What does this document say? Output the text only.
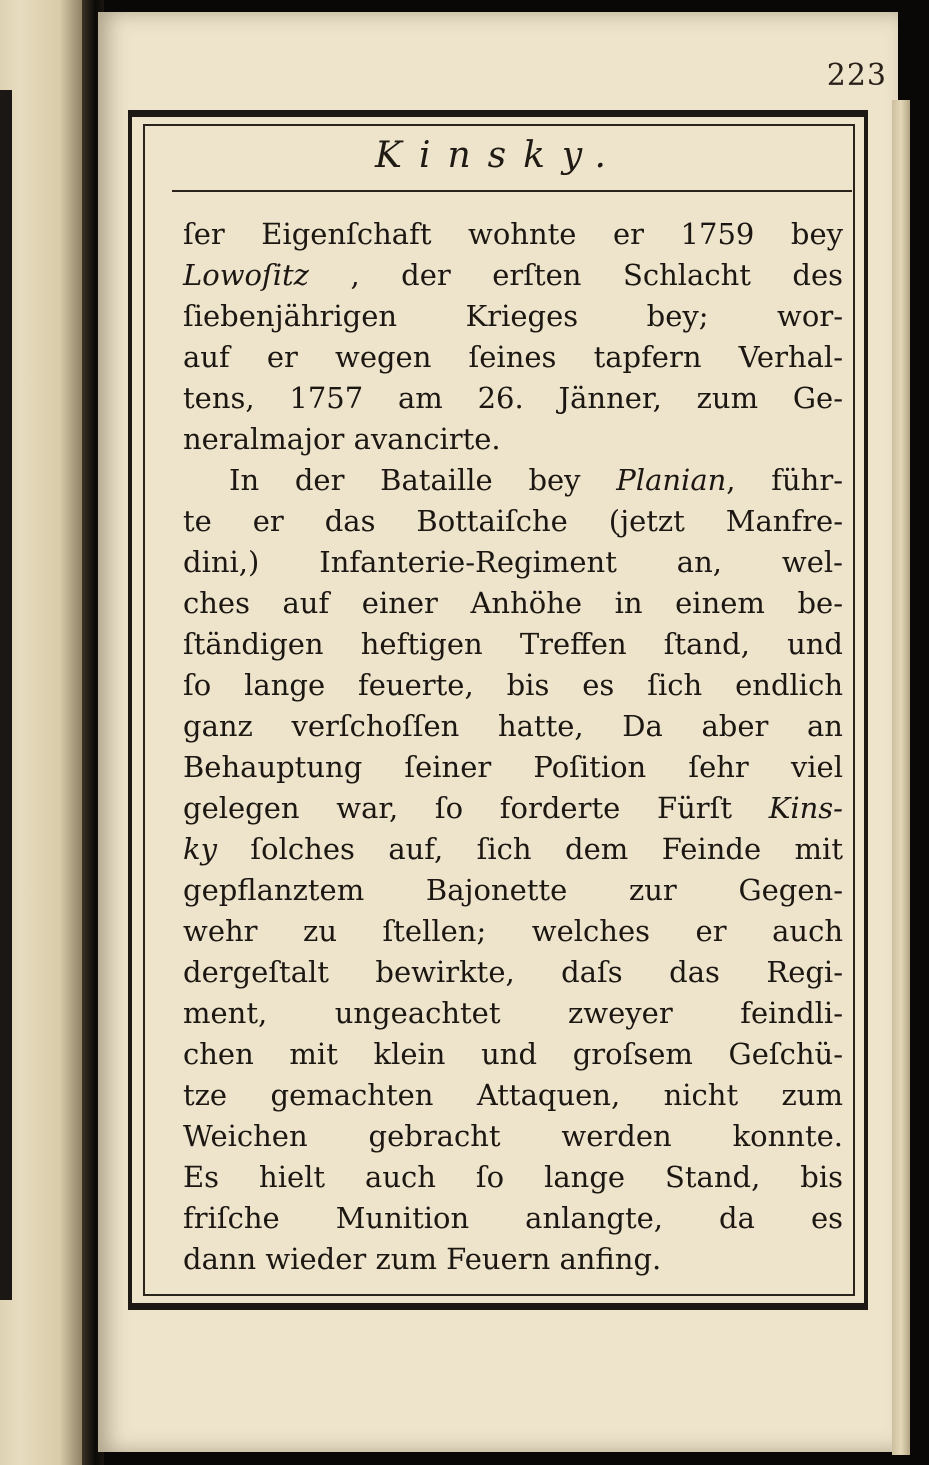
223
Kinsky.
ſer Eigenſchaft wohnte er 1759 bey
Lowoſitz , der erſten Schlacht des
ſiebenjährigen Krieges bey; wor-
auf er wegen ſeines tapfern Verhal-
tens, 1757 am 26. Jänner, zum Ge-
neralmajor avancirte.
In der Bataille bey Planian, führ-
te er das Bottaiſche (jetzt Manfre-
dini,) Infanterie-Regiment an, wel-
ches auf einer Anhöhe in einem be-
ſtändigen heftigen Treffen ſtand, und
ſo lange feuerte, bis es ſich endlich
ganz verſchoſſen hatte, Da aber an
Behauptung ſeiner Poſition ſehr viel
gelegen war, ſo forderte Fürſt Kins-
ky ſolches auf, ſich dem Feinde mit
gepflanztem Bajonette zur Gegen-
wehr zu ſtellen; welches er auch
dergeſtalt bewirkte, daſs das Regi-
ment, ungeachtet zweyer feindli-
chen mit klein und groſsem Geſchü-
tze gemachten Attaquen, nicht zum
Weichen gebracht werden konnte.
Es hielt auch ſo lange Stand, bis
friſche Munition anlangte, da es
dann wieder zum Feuern anfing.
